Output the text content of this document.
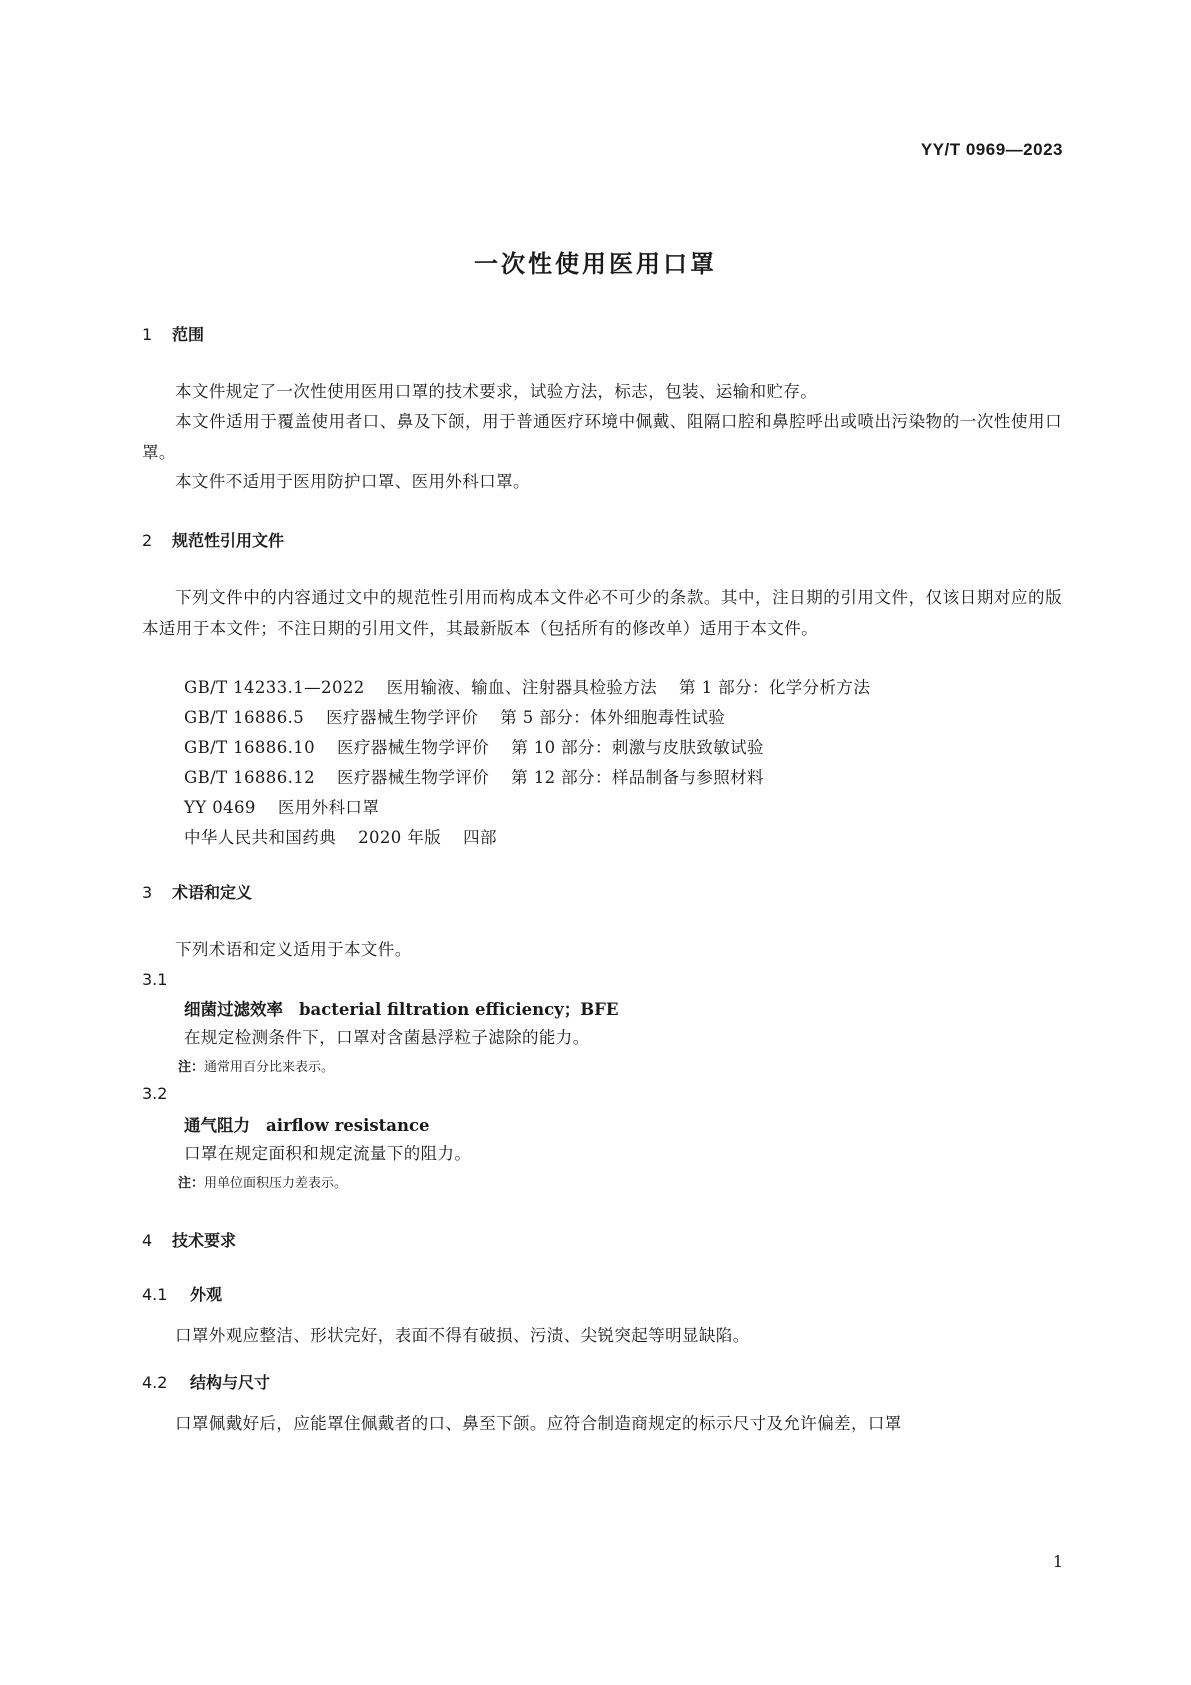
YY/T 0969—2023
一次性使用医用口罩
1 范围
本文件规定了一次性使用医用口罩的技术要求，试验方法，标志，包装、运输和贮存。
本文件适用于覆盖使用者口、鼻及下颌，用于普通医疗环境中佩戴、阻隔口腔和鼻腔呼出或喷出污染物的一次性使用口罩。
本文件不适用于医用防护口罩、医用外科口罩。
2 规范性引用文件
下列文件中的内容通过文中的规范性引用而构成本文件必不可少的条款。其中，注日期的引用文件，仅该日期对应的版本适用于本文件；不注日期的引用文件，其最新版本（包括所有的修改单）适用于本文件。
GB/T 14233.1—2022 医用输液、输血、注射器具检验方法 第 1 部分：化学分析方法
GB/T 16886.5 医疗器械生物学评价 第 5 部分：体外细胞毒性试验
GB/T 16886.10 医疗器械生物学评价 第 10 部分：刺激与皮肤致敏试验
GB/T 16886.12 医疗器械生物学评价 第 12 部分：样品制备与参照材料
YY 0469 医用外科口罩
中华人民共和国药典 2020 年版 四部
3 术语和定义
下列术语和定义适用于本文件。
3.1
细菌过滤效率 bacterial filtration efficiency；BFE
在规定检测条件下，口罩对含菌悬浮粒子滤除的能力。
注：通常用百分比来表示。
3.2
通气阻力 airflow resistance
口罩在规定面积和规定流量下的阻力。
注：用单位面积压力差表示。
4 技术要求
4.1 外观
口罩外观应整洁、形状完好，表面不得有破损、污渍、尖锐突起等明显缺陷。
4.2 结构与尺寸
口罩佩戴好后，应能罩住佩戴者的口、鼻至下颌。应符合制造商规定的标示尺寸及允许偏差，口罩
1
